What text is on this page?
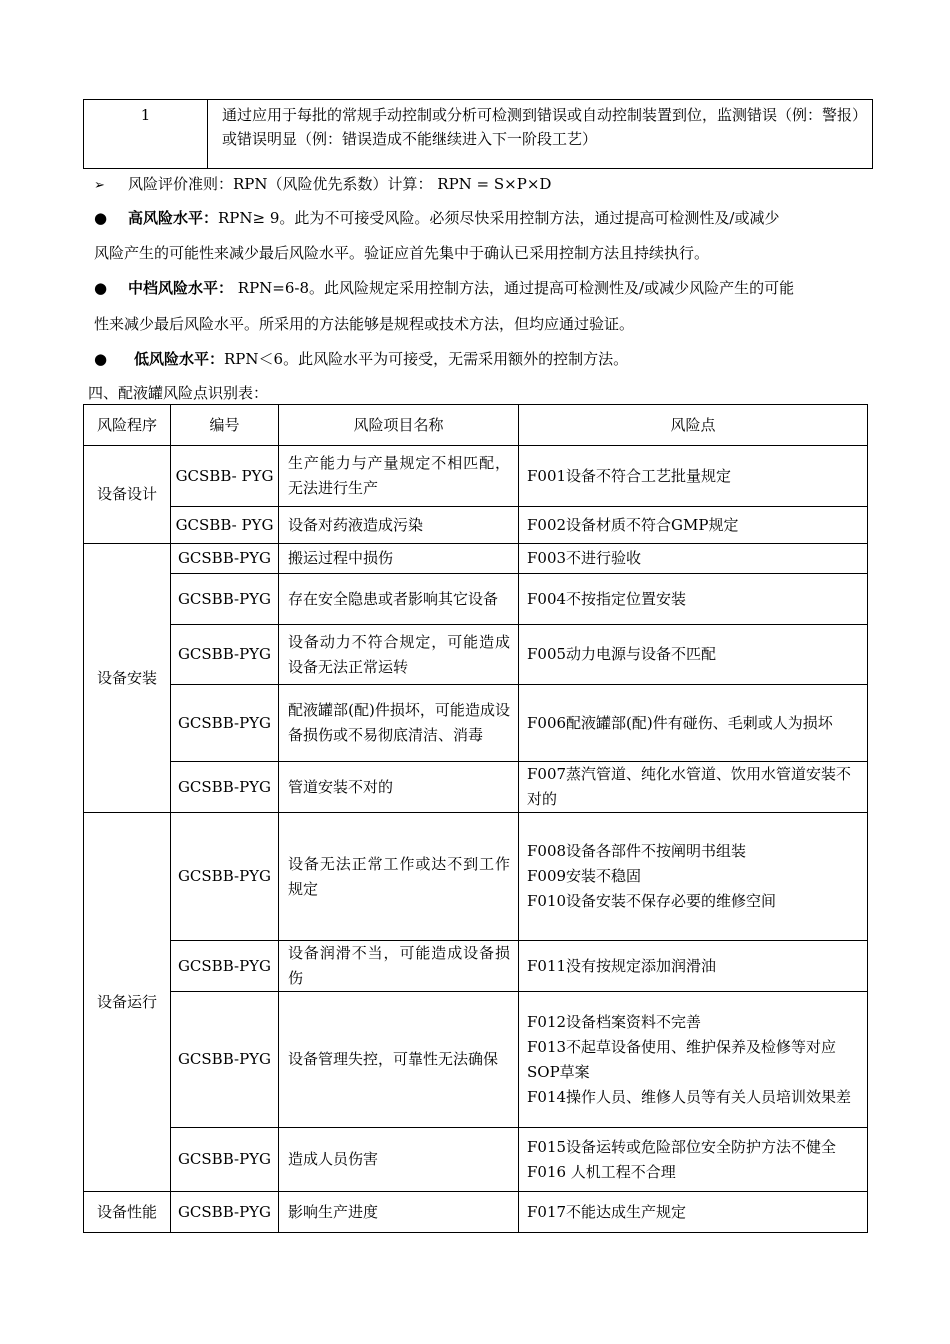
1	通过应用于每批的常规手动控制或分析可检测到错误或自动控制装置到位，监测错误（例：警报）或错误明显（例：错误造成不能继续进入下一阶段工艺）
➢ 风险评价准则：RPN（风险优先系数）计算： RPN = S×P×D
● 高风险水平：RPN≥ 9。此为不可接受风险。必须尽快采用控制方法，通过提高可检测性及/或减少
风险产生的可能性来减少最后风险水平。验证应首先集中于确认已采用控制方法且持续执行。
● 中档风险水平： RPN=6-8。此风险规定采用控制方法，通过提高可检测性及/或减少风险产生的可能
性来减少最后风险水平。所采用的方法能够是规程或技术方法，但均应通过验证。
● 低风险水平：RPN＜6。此风险水平为可接受，无需采用额外的控制方法。
四、配液罐风险点识别表：
风险程序	编号	风险项目名称	风险点
设备设计	GCSBB- PYG	生产能力与产量规定不相匹配，无法进行生产	F001设备不符合工艺批量规定

	GCSBB- PYG	设备对药液造成污染	F002设备材质不符合GMP规定

设备安装	GCSBB-PYG	搬运过程中损伤	F003不进行验收

	GCSBB-PYG	存在安全隐患或者影响其它设备	F004不按指定位置安装

	GCSBB-PYG	设备动力不符合规定，可能造成设备无法正常运转	F005动力电源与设备不匹配

	GCSBB-PYG	配液罐部(配)件损坏，可能造成设备损伤或不易彻底清洁、消毒	F006配液罐部(配)件有碰伤、毛刺或人为损坏

	GCSBB-PYG	管道安装不对的	F007蒸汽管道、纯化水管道、饮用水管道安装不对的

设备运行	GCSBB-PYG	设备无法正常工作或达不到工作规定	F008设备各部件不按阐明书组装
F009安装不稳固
F010设备安装不保存必要的维修空间

	GCSBB-PYG	设备润滑不当，可能造成设备损伤	F011没有按规定添加润滑油

	GCSBB-PYG	设备管理失控，可靠性无法确保	F012设备档案资料不完善
F013不起草设备使用、维护保养及检修等对应SOP草案
F014操作人员、维修人员等有关人员培训效果差

	GCSBB-PYG	造成人员伤害	F015设备运转或危险部位安全防护方法不健全
F016 人机工程不合理

设备性能	GCSBB-PYG	影响生产进度	F017不能达成生产规定
